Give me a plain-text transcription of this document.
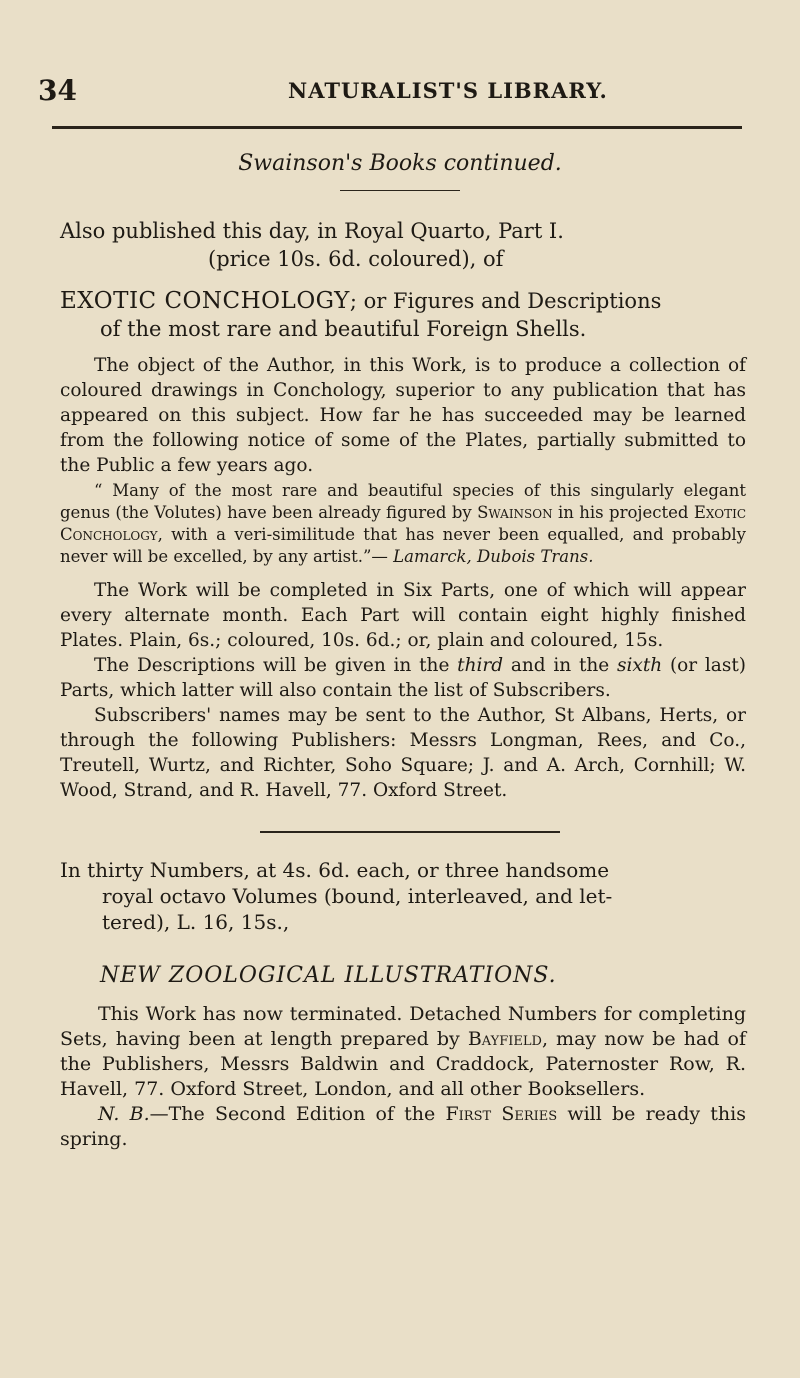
34	NATURALIST'S LIBRARY.
Swainson's Books continued.
Also published this day, in Royal Quarto, Part I.
(price 10s. 6d. coloured), of
EXOTIC CONCHOLOGY; or Figures and Descriptions
of the most rare and beautiful Foreign Shells.

The object of the Author, in this Work, is to produce a collection of coloured drawings in Conchology, superior to any publication that has appeared on this subject. How far he has succeeded may be learned from the following notice of some of the Plates, partially submitted to the Public a few years ago.

“ Many of the most rare and beautiful species of this singularly elegant genus (the Volutes) have been already figured by Swainson in his projected Exotic Conchology, with a veri-similitude that has never been equalled, and probably never will be excelled, by any artist.”— Lamarck, Dubois Trans.

The Work will be completed in Six Parts, one of which will appear every alternate month. Each Part will contain eight highly finished Plates. Plain, 6s.; coloured, 10s. 6d.; or, plain and coloured, 15s.

The Descriptions will be given in the third and in the sixth (or last) Parts, which latter will also contain the list of Subscribers.

Subscribers' names may be sent to the Author, St Albans, Herts, or through the following Publishers: Messrs Longman, Rees, and Co., Treutell, Wurtz, and Richter, Soho Square; J. and A. Arch, Cornhill; W. Wood, Strand, and R. Havell, 77. Oxford Street.

In thirty Numbers, at 4s. 6d. each, or three handsome
royal octavo Volumes (bound, interleaved, and let-
tered), L. 16, 15s.,
NEW ZOOLOGICAL ILLUSTRATIONS.

This Work has now terminated. Detached Numbers for completing Sets, having been at length prepared by Bayfield, may now be had of the Publishers, Messrs Baldwin and Craddock, Paternoster Row, R. Havell, 77. Oxford Street, London, and all other Booksellers.

N. B.—The Second Edition of the First Series will be ready this spring.
